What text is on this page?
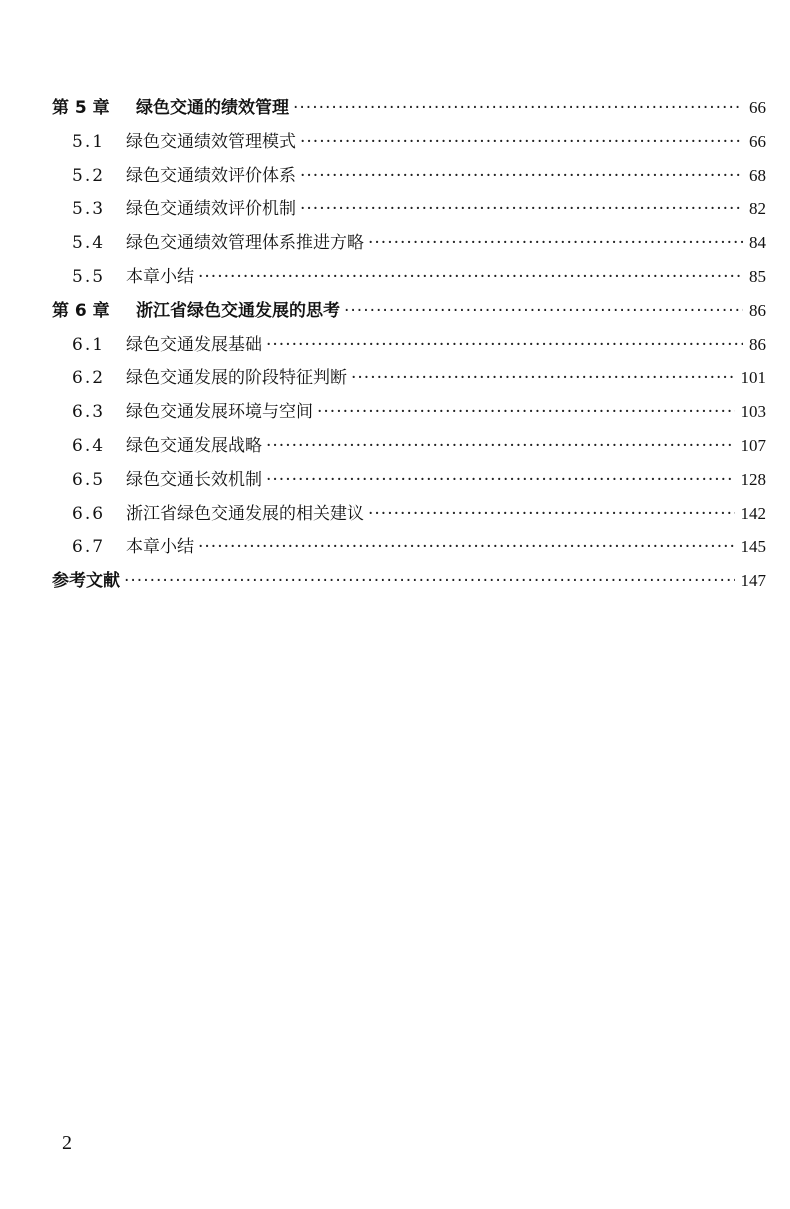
第 5 章	绿色交通的绩效管理 ·····	66
5.1	绿色交通绩效管理模式 ·····	66
5.2	绿色交通绩效评价体系 ·····	68
5.3	绿色交通绩效评价机制 ·····	82
5.4	绿色交通绩效管理体系推进方略 ·····	84
5.5	本章小结 ·····	85
第 6 章	浙江省绿色交通发展的思考 ·····	86
6.1	绿色交通发展基础 ·····	86
6.2	绿色交通发展的阶段特征判断 ·····	101
6.3	绿色交通发展环境与空间 ·····	103
6.4	绿色交通发展战略 ·····	107
6.5	绿色交通长效机制 ·····	128
6.6	浙江省绿色交通发展的相关建议 ·····	142
6.7	本章小结 ·····	145
参考文献 ·····	147
2
